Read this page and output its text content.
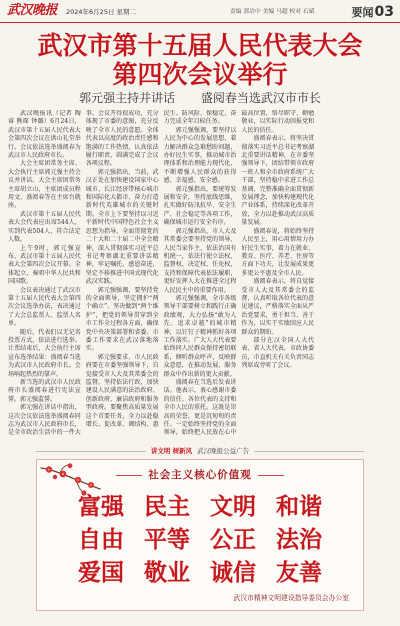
武汉晚报 2024年6月25日 星期二	责编 郭岩中 美编 马超 校对 石斌	要闻03
武汉市第十五届人民代表大会
第四次会议举行
郭元强主持并讲话 盛阅春当选武汉市市长

武汉晚报讯（记者 陶睿 熊琛 钟璐）6月24日，武汉市第十五届人民代表大会第四次会议在洪山礼堂举行。会议依法选举盛阅春为武汉市人民政府市长。

大会主席团常务主席、大会执行主席郭元强主持会议并讲话。大会主席团常务主席胡立山，主席团成员程用文、盛阅春等在主席台就座。

武汉市第十五届人民代表大会代表应出席544人，实到代表504人，符合法定人数。

上午9时，郭元强宣布，武汉市第十五届人民代表大会第四次会议开幕。全体起立，奏唱中华人民共和国国歌。

会议表决通过了武汉市第十五届人民代表大会第四次会议选举办法，表决通过了大会总监票人、监票人名单。

随后，代表们以无记名投票方式，依法进行选举。计票结束后，大会执行主席宣布选举结果：盛阅春当选为武汉市人民政府市长。会场响起热烈的掌声。

新当选的武汉市人民政府市长盛阅春进行宪法宣誓。郭元强监誓。

郭元强在讲话中指出，这次会议依法选举盛阅春同志为武汉市人民政府市长，是全市政治生活中的一件大事。会议开得很成功，充分体现了市委的意图，充分反映了全市人民的意愿。全体代表以高度的政治责任感和饱满的工作热情，认真依法履行职责，圆满完成了会议各项议程。

郭元强指出，当前，武汉正处在加快建设国家中心城市、长江经济带核心城市和国际化大都市，奋力打造新时代英雄城市的关键时期。全市上下要坚持以习近平新时代中国特色社会主义思想为指导，全面贯彻党的二十大和二十届二中全会精神，深入贯彻落实习近平总书记考察湖北重要讲话精神，牢记嘱托、感恩奋进，坚定不移推进中国式现代化武汉实践。

郭元强强调，要坚持党的全面领导，坚定拥护“两个确立”、坚决做到“两个维护”，把党的领导贯穿到全市工作全过程各方面，确保党中央决策部署和省委、市委工作要求在武汉落地落实。

郭元强要求，市人民政府要在市委坚强领导下，自觉接受市人大及其常委会的监督，坚持依法行政，加快建设人民满意的法治政府、创新政府、廉洁政府和服务型政府。要聚焦高质量发展这个首要任务，全力以赴稳增长、促改革、调结构、惠民生、防风险、保稳定，奋力完成全年目标任务。

郭元强强调，要坚持以人民为中心的发展思想，着力解决群众急难愁盼问题，办好民生实事，推动城市治理体系和治理能力现代化，不断增强人民群众的获得感、幸福感、安全感。

郭元强指出，要统筹发展和安全，坚持底线思维，扎实做好防汛抗旱、安全生产、社会稳定等各项工作，确保城市运行安全有序。

郭元强指出，市人大及其常委会要坚持党的领导、人民当家作主、依法治国有机统一，依法行使立法权、监督权、决定权、任免权，支持和保障代表依法履职，更好发挥人大在推进全过程人民民主中的重要作用。

郭元强强调，全市各级领导干部要树立和践行正确政绩观，大力弘扬“敢为人先、追求卓越”的城市精神，以钉钉子精神抓好各项工作落实。广大人大代表要始终同人民群众保持密切联系，倾听群众呼声，反映群众意愿，在推动发展、服务群众中作出新的更大贡献。

盛阅春在当选后发表讲话。他表示，衷心感谢市委的信任、各位代表的支持和全市人民的重托。这既是崇高的荣誉，更是沉甸甸的责任。一定始终坚持党的全面领导，始终把人民放在心中最高位置，恪尽职守、勤勉敬业，以实际行动回报党和人民的信任。

盛阅春表示，将坚决贯彻落实习近平总书记考察湖北重要讲话精神，在市委坚强领导下，团结带领市政府一班人和全市政府系统广大干部，坚持稳中求进工作总基调，完整准确全面贯彻新发展理念，加快构建现代化产业体系，持续深化改革开放，全力以赴推动武汉高质量发展。

盛阅春说，将始终坚持人民至上，用心用情用力办好民生实事，着力在就业、教育、医疗、养老、住房等方面下功夫，让发展成果更多更公平惠及全市人民。

盛阅春表示，将自觉接受市人大及其常委会的监督，认真听取各位代表的意见建议，严格落实全面从严治党要求，勇于担当、善于作为，以实干实绩回应人民群众的期盼。

部分在汉全国人大代表、省人大代表，市政协委员，市直机关有关负责同志列席或旁听了会议。

讲文明 树新风 武汉晚报公益广告
社会主义核心价值观
富强 民主 文明 和谐
自由 平等 公正 法治
爱国 敬业 诚信 友善
武汉市精神文明建设指导委员会办公室
